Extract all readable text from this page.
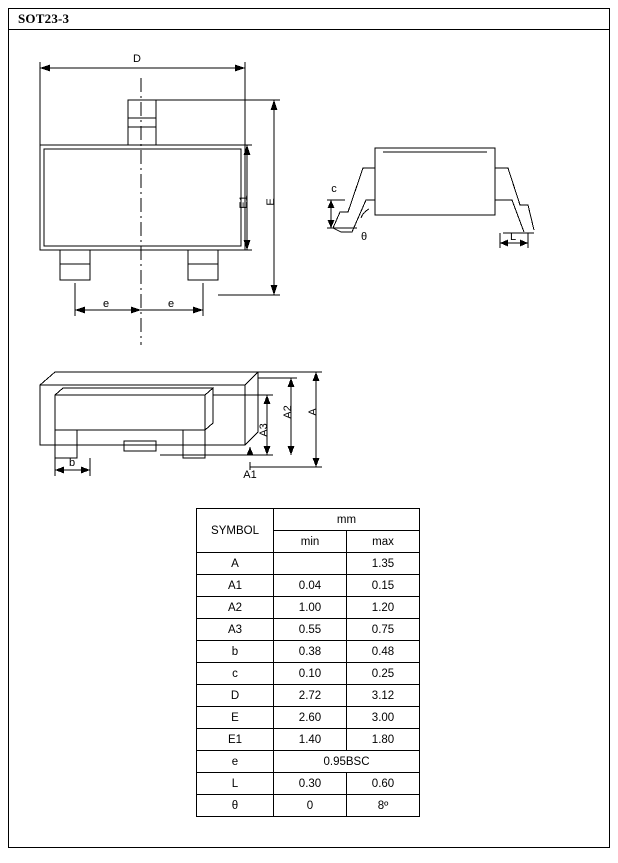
SOT23-3
D
E1 E
e	e
c
θ	L
A3
A2 A
A1
b
SYMBOL	mm	
	min	max
A		1.35
A1	0.04	0.15
A2	1.00	1.20
A3	0.55	0.75
b	0.38	0.48
c	0.10	0.25
D	2.72	3.12
E	2.60	3.00
E1	1.40	1.80
e	0.95BSC	
L	0.30	0.60
θ	0	8º
